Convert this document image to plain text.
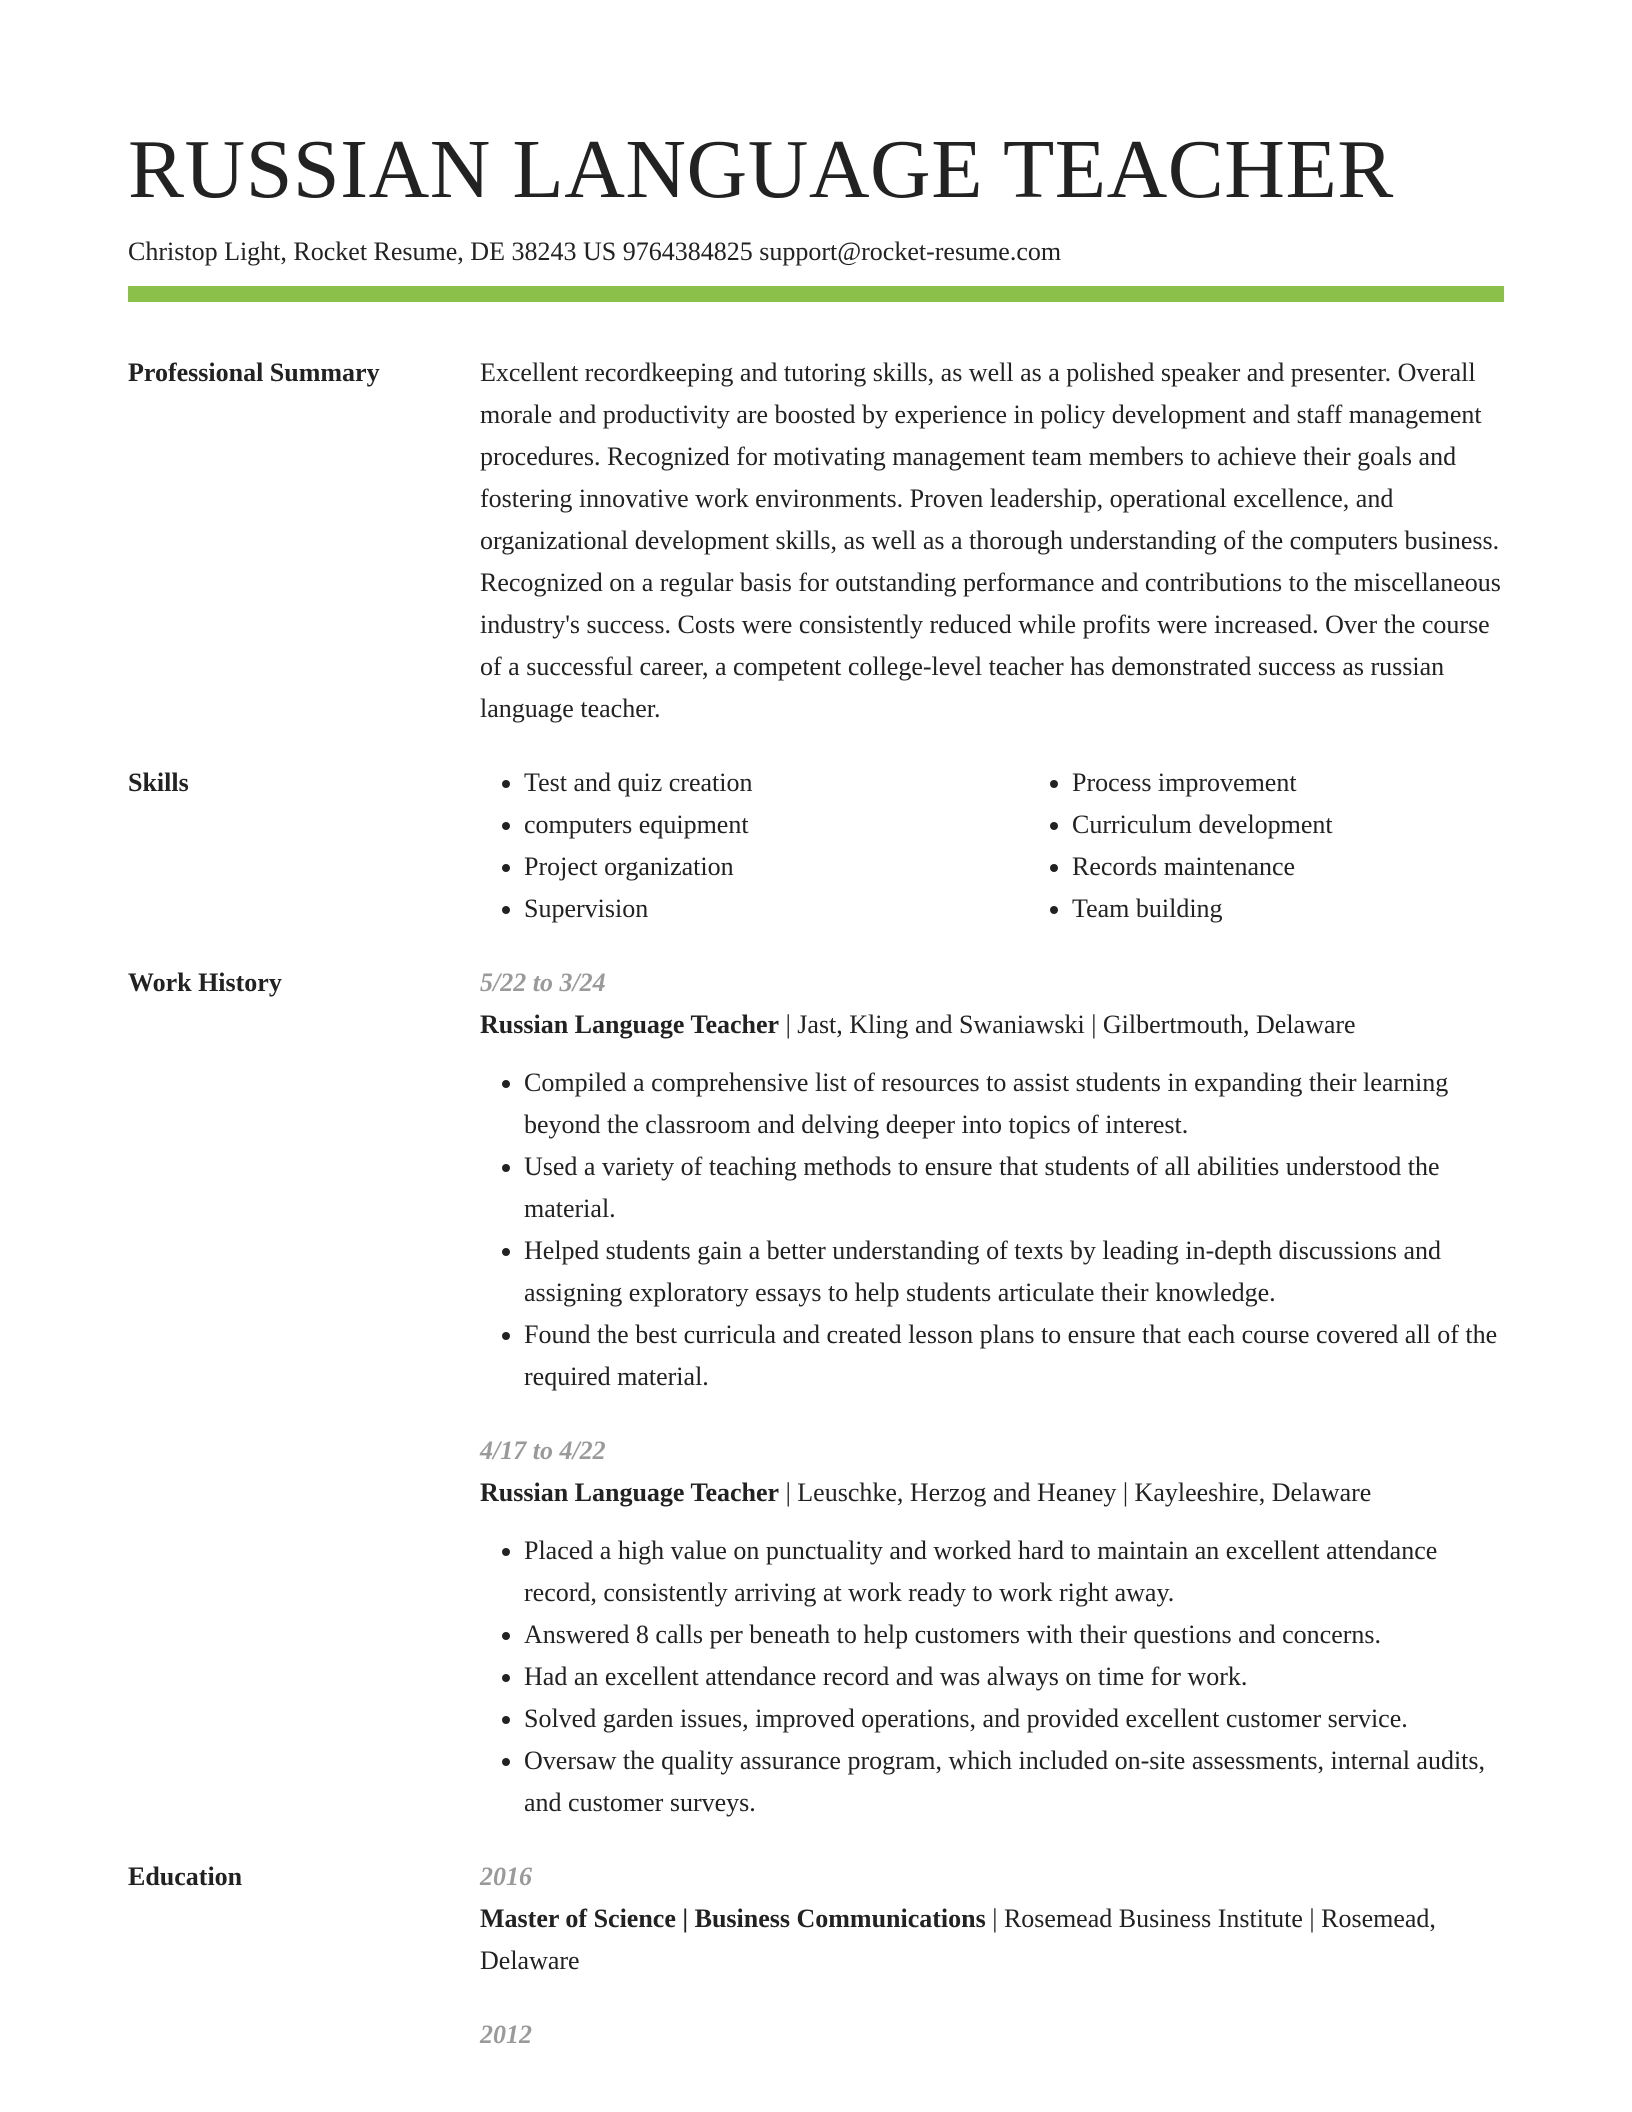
RUSSIAN LANGUAGE TEACHER
Christop Light, Rocket Resume, DE 38243 US 9764384825 support@rocket-resume.com
Professional Summary	Excellent recordkeeping and tutoring skills, as well as a polished speaker and presenter. Overall morale and productivity are boosted by experience in policy development and staff management procedures. Recognized for motivating management team members to achieve their goals and fostering innovative work environments. Proven leadership, operational excellence, and organizational development skills, as well as a thorough understanding of the computers business. Recognized on a regular basis for outstanding performance and contributions to the miscellaneous industry's success. Costs were consistently reduced while profits were increased. Over the course of a successful career, a competent college-level teacher has demonstrated success as russian language teacher.

Skills
•	Test and quiz creation
• computers equipment
• Project organization
• Supervision
• Process improvement
• Curriculum development
• Records maintenance
• Team building
Work History	5/22 to 3/24
Russian Language Teacher | Jast, Kling and Swaniawski | Gilbertmouth, Delaware
• Compiled a comprehensive list of resources to assist students in expanding their learning beyond the classroom and delving deeper into topics of interest.
• Used a variety of teaching methods to ensure that students of all abilities understood the material.
• Helped students gain a better understanding of texts by leading in-depth discussions and assigning exploratory essays to help students articulate their knowledge.
• Found the best curricula and created lesson plans to ensure that each course covered all of the required material.
4/17 to 4/22
Russian Language Teacher | Leuschke, Herzog and Heaney | Kayleeshire, Delaware
• Placed a high value on punctuality and worked hard to maintain an excellent attendance record, consistently arriving at work ready to work right away.
• Answered 8 calls per beneath to help customers with their questions and concerns.
• Had an excellent attendance record and was always on time for work.
• Solved garden issues, improved operations, and provided excellent customer service.
• Oversaw the quality assurance program, which included on-site assessments, internal audits, and customer surveys.
Education	2016
Master of Science | Business Communications | Rosemead Business Institute | Rosemead, Delaware
2012
